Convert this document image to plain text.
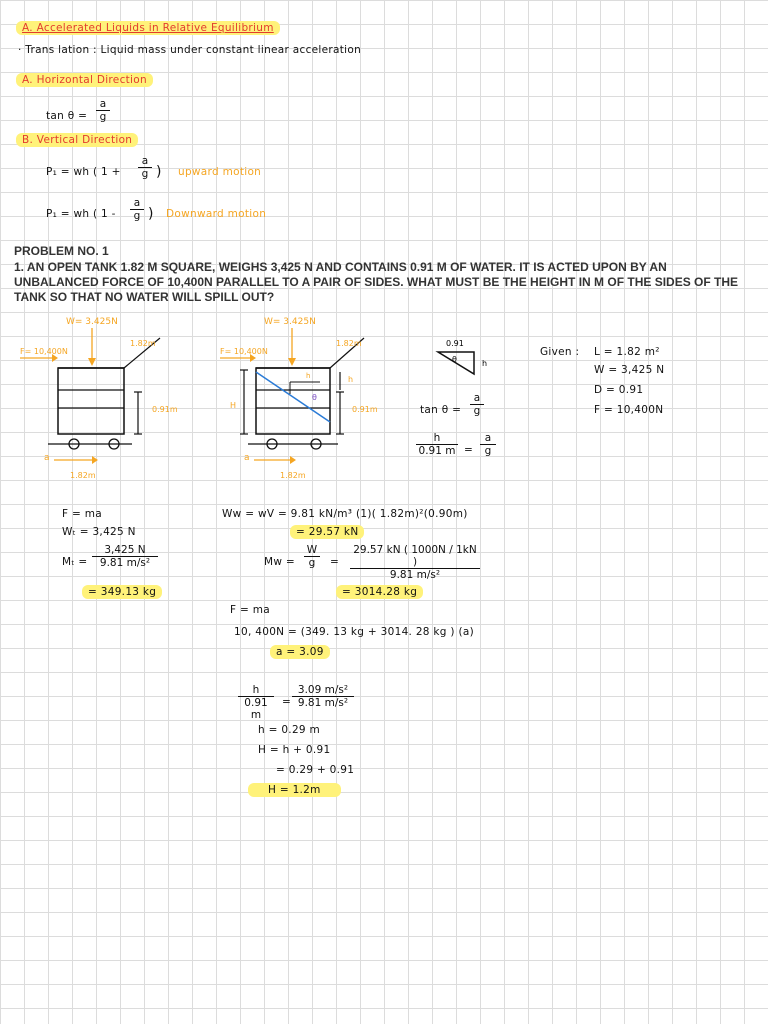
A. Accelerated Liquids in Relative Equilibrium
· Trans lation : Liquid mass under constant linear acceleration
A. Horizontal Direction
tan θ =
a
g
B. Vertical Direction
P₁ = wh ( 1 +
a
g ) upward motion
P₁ = wh ( 1 -
a
g ) Downward motion
PROBLEM NO. 1
1. AN OPEN TANK 1.82 M SQUARE, WEIGHS 3,425 N AND CONTAINS 0.91 M OF WATER. IT IS ACTED UPON BY AN UNBALANCED FORCE OF 10,400N PARALLEL TO A PAIR OF SIDES. WHAT MUST BE THE HEIGHT IN M OF THE SIDES OF THE TANK SO THAT NO WATER WILL SPILL OUT?
W= 3.425N
F= 10,400N
1.82m
0.91m
a
1.82m
W= 3.425N
F= 10,400N
1.82m
h
θ
H
h
0.91m
a
1.82m
0.91
θ	h
tan θ =
a
g
h
0.91 m =
a
g
Given : L = 1.82 m²
W = 3,425 N
D = 0.91
F = 10,400N
F = ma
Wₜ = 3,425 N
Mₜ =
3,425 N
9.81 m/s²
= 349.13 kg
Ww = wV = 9.81 kN/m³ (1)( 1.82m)²(0.90m)
= 29.57 kN
Mw =
W
g	=
29.57 kN ( 1000N / 1kN )
9.81 m/s²
= 3014.28 kg
F = ma
10, 400N = (349. 13 kg + 3014. 28 kg ) (a)
a = 3.09
h
0.91 m
=
3.09 m/s²
9.81 m/s²
h = 0.29 m
H = h + 0.91
= 0.29 + 0.91
H = 1.2m
